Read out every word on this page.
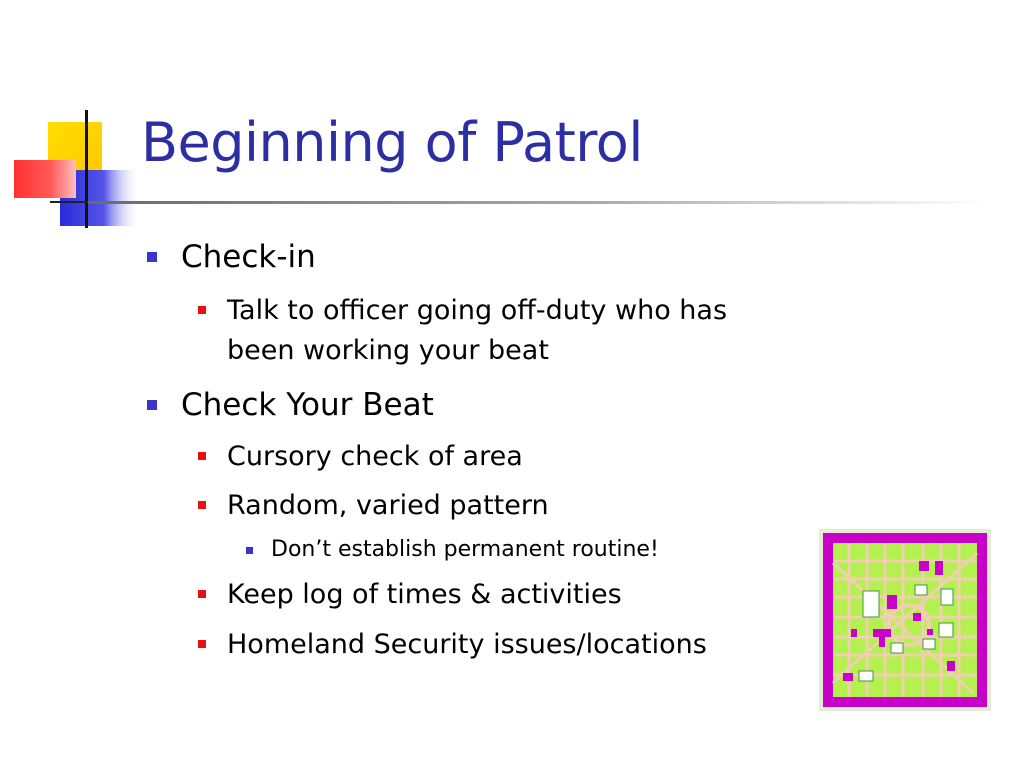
Beginning of Patrol
Check-in
Talk to officer going off-duty who has
been working your beat
Check Your Beat
Cursory check of area
Random, varied pattern
Don’t establish permanent routine!
Keep log of times & activities
Homeland Security issues/locations
